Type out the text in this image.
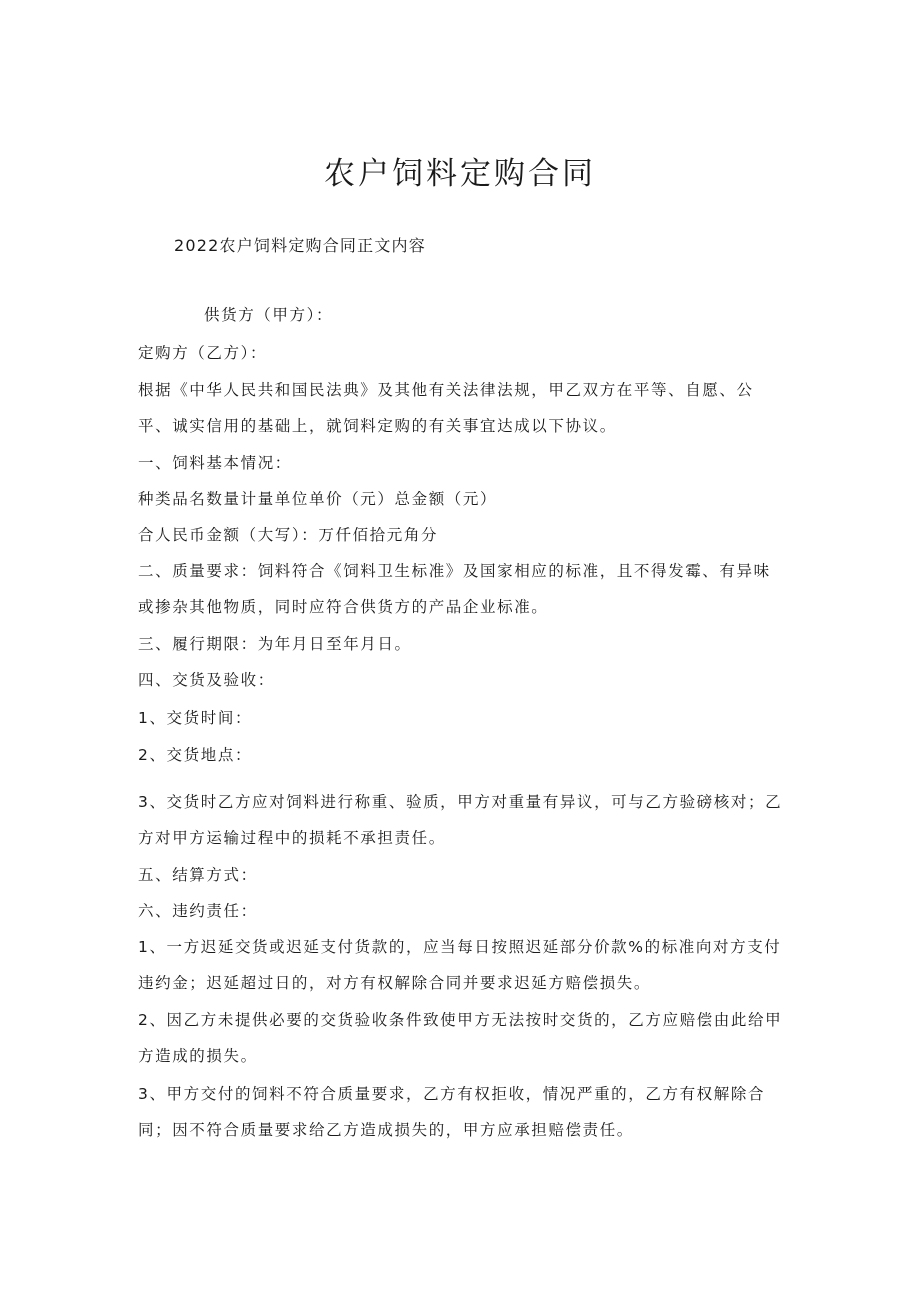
农户饲料定购合同
2022农户饲料定购合同正文内容
供货方（甲方）：
定购方（乙方）：
根据《中华人民共和国民法典》及其他有关法律法规，甲乙双方在平等、自愿、公
平、诚实信用的基础上，就饲料定购的有关事宜达成以下协议。
一、饲料基本情况：
种类品名数量计量单位单价（元）总金额（元）
合人民币金额（大写）：万仟佰拾元角分
二、质量要求：饲料符合《饲料卫生标准》及国家相应的标准，且不得发霉、有异味
或掺杂其他物质，同时应符合供货方的产品企业标准。
三、履行期限：为年月日至年月日。
四、交货及验收：
1、交货时间：
2、交货地点：
3、交货时乙方应对饲料进行称重、验质，甲方对重量有异议，可与乙方验磅核对；乙
方对甲方运输过程中的损耗不承担责任。
五、结算方式：
六、违约责任：
1、一方迟延交货或迟延支付货款的，应当每日按照迟延部分价款%的标准向对方支付
违约金；迟延超过日的，对方有权解除合同并要求迟延方赔偿损失。
2、因乙方未提供必要的交货验收条件致使甲方无法按时交货的，乙方应赔偿由此给甲
方造成的损失。
3、甲方交付的饲料不符合质量要求，乙方有权拒收，情况严重的，乙方有权解除合
同；因不符合质量要求给乙方造成损失的，甲方应承担赔偿责任。
